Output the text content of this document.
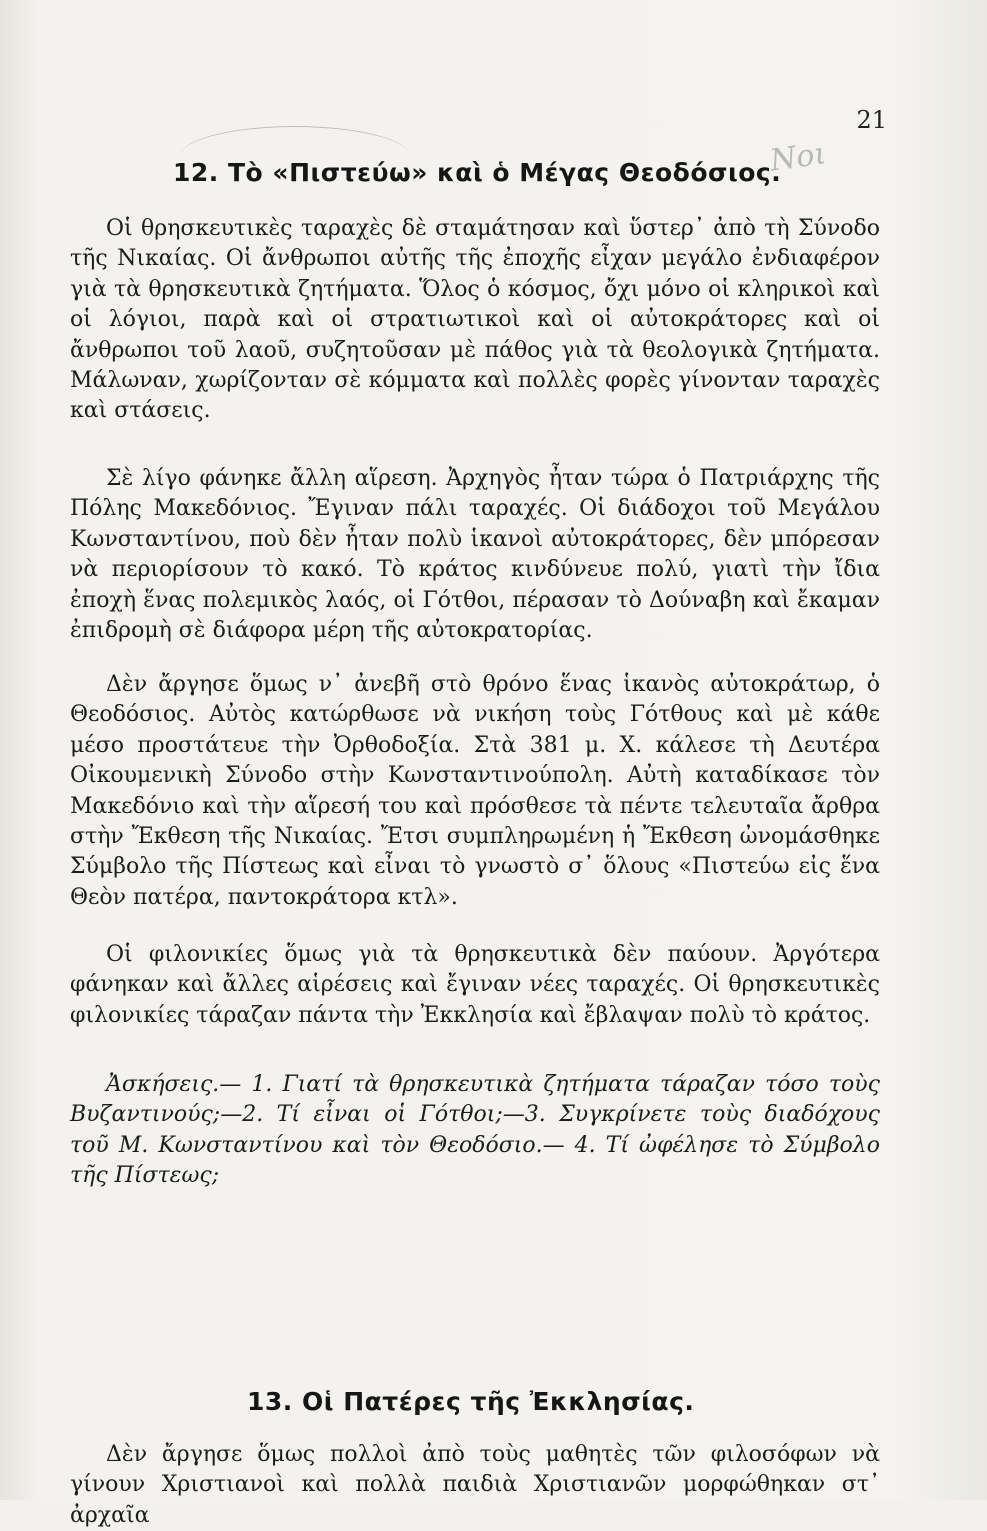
Νοι
21
12. Τὸ «Πιστεύω» καὶ ὁ Μέγας Θεοδόσιος.

Οἱ θρησκευτικὲς ταραχὲς δὲ σταμάτησαν καὶ ὕστερ᾽ ἀπὸ τὴ Σύνοδο τῆς Νικαίας. Οἱ ἄνθρωποι αὐτῆς τῆς ἐποχῆς εἶχαν μεγάλο ἐνδιαφέρον γιὰ τὰ θρησκευτικὰ ζητήματα. Ὅλος ὁ κόσμος, ὄχι μόνο οἱ κληρικοὶ καὶ οἱ λόγιοι, παρὰ καὶ οἱ στρατιωτικοὶ καὶ οἱ αὐτοκράτορες καὶ οἱ ἄνθρωποι τοῦ λαοῦ, συζητοῦσαν μὲ πάθος γιὰ τὰ θεολογικὰ ζητήματα. Μάλωναν, χωρίζονταν σὲ κόμματα καὶ πολλὲς φορὲς γίνονταν ταραχὲς καὶ στάσεις.

Σὲ λίγο φάνηκε ἄλλη αἵρεση. Ἀρχηγὸς ἦταν τώρα ὁ Πατριάρχης τῆς Πόλης Μακεδόνιος. Ἔγιναν πάλι ταραχές. Οἱ διάδοχοι τοῦ Μεγάλου Κωνσταντίνου, ποὺ δὲν ἦταν πολὺ ἱκανοὶ αὐτοκράτορες, δὲν μπόρεσαν νὰ περιορίσουν τὸ κακό. Τὸ κράτος κινδύνευε πολύ, γιατὶ τὴν ἴδια ἐποχὴ ἕνας πολεμικὸς λαός, οἱ Γότθοι, πέρασαν τὸ Δούναβη καὶ ἔκαμαν ἐπιδρομὴ σὲ διάφορα μέρη τῆς αὐτοκρατορίας.

Δὲν ἄργησε ὅμως ν᾽ ἀνεβῆ στὸ θρόνο ἕνας ἱκανὸς αὐτοκράτωρ, ὁ Θεοδόσιος. Αὐτὸς κατώρθωσε νὰ νικήση τοὺς Γότθους καὶ μὲ κάθε μέσο προστάτευε τὴν Ὀρθοδοξία. Στὰ 381 μ. Χ. κάλεσε τὴ Δευτέρα Οἰκουμενικὴ Σύνοδο στὴν Κωνσταντινούπολη. Αὐτὴ καταδίκασε τὸν Μακεδόνιο καὶ τὴν αἵρεσή του καὶ πρόσθεσε τὰ πέντε τελευταῖα ἄρθρα στὴν Ἔκθεση τῆς Νικαίας. Ἔτσι συμπληρωμένη ἡ Ἔκθεση ὠνομάσθηκε Σύμβολο τῆς Πίστεως καὶ εἶναι τὸ γνωστὸ σ᾽ ὅλους «Πιστεύω εἰς ἕνα Θεὸν πατέρα, παντοκράτορα κτλ».

Οἱ φιλονικίες ὅμως γιὰ τὰ θρησκευτικὰ δὲν παύουν. Ἀργότερα φάνηκαν καὶ ἄλλες αἱρέσεις καὶ ἔγιναν νέες ταραχές. Οἱ θρησκευτικὲς φιλονικίες τάραζαν πάντα τὴν Ἐκκλησία καὶ ἔβλαψαν πολὺ τὸ κράτος.

Ἀσκήσεις.— 1. Γιατί τὰ θρησκευτικὰ ζητήματα τάραζαν τόσο τοὺς Βυζαντινούς;—2. Τί εἶναι οἱ Γότθοι;—3. Συγκρίνετε τοὺς διαδόχους τοῦ Μ. Κωνσταντίνου καὶ τὸν Θεοδόσιο.— 4. Τί ὠφέλησε τὸ Σύμβολο τῆς Πίστεως;

13. Οἱ Πατέρες τῆς Ἐκκλησίας.

Δὲν ἄργησε ὅμως πολλοὶ ἀπὸ τοὺς μαθητὲς τῶν φιλοσόφων νὰ γίνουν Χριστιανοὶ καὶ πολλὰ παιδιὰ Χριστιανῶν μορφώθηκαν στ᾽ ἀρχαῖα
